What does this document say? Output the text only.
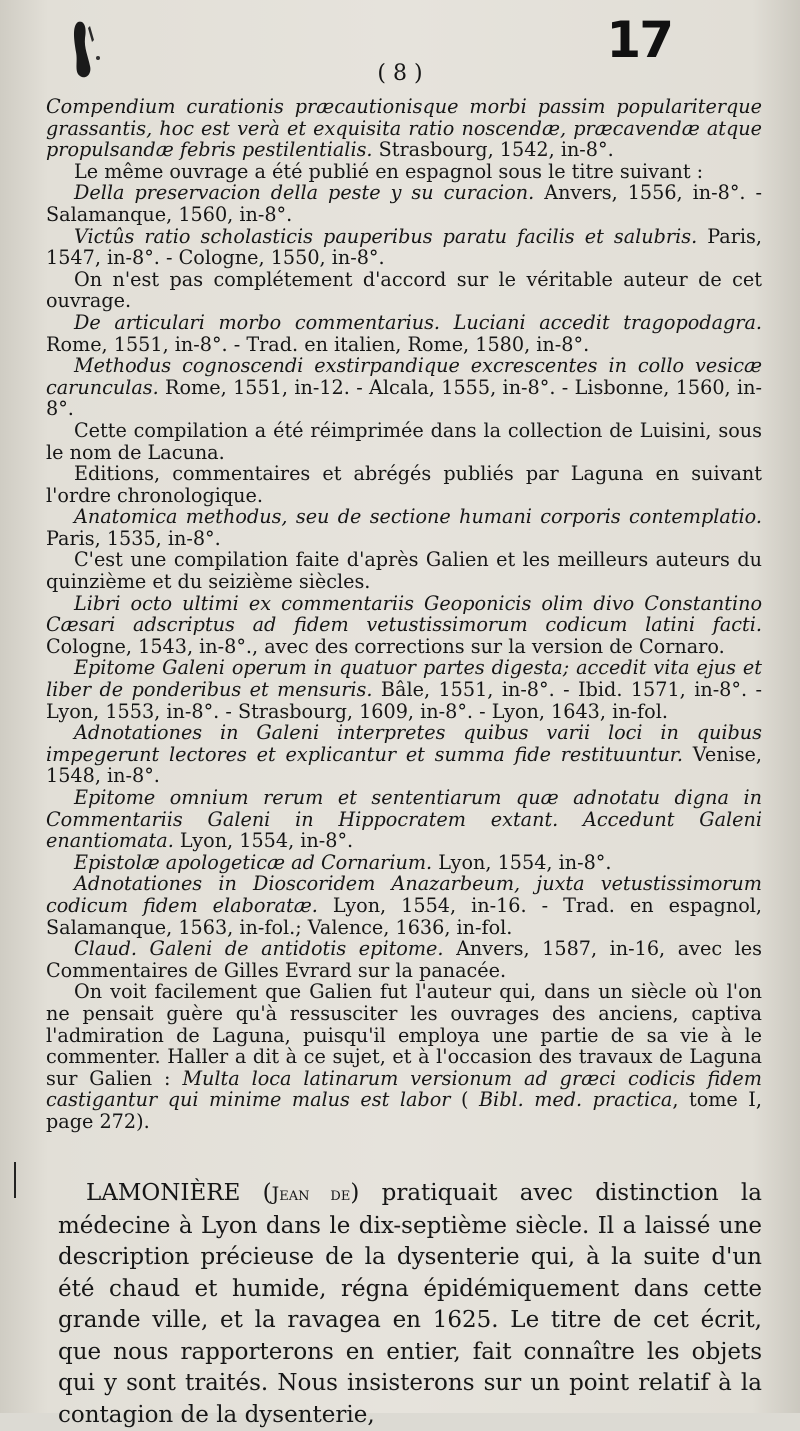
17
( 8 )

Compendium curationis præcautionisque morbi passim populariterque grassantis, hoc est verà et exquisita ratio noscendæ, præcavendæ atque propulsandæ febris pestilentialis. Strasbourg, 1542, in-8°.

Le même ouvrage a été publié en espagnol sous le titre suivant :

Della preservacion della peste y su curacion. Anvers, 1556, in-8°. - Salamanque, 1560, in-8°.

Victûs ratio scholasticis pauperibus paratu facilis et salubris. Paris, 1547, in-8°. - Cologne, 1550, in-8°.

On n'est pas complétement d'accord sur le véritable auteur de cet ouvrage.

De articulari morbo commentarius. Luciani accedit tragopodagra. Rome, 1551, in-8°. - Trad. en italien, Rome, 1580, in-8°.

Methodus cognoscendi exstirpandique excrescentes in collo vesicæ carunculas. Rome, 1551, in-12. - Alcala, 1555, in-8°. - Lisbonne, 1560, in-8°.

Cette compilation a été réimprimée dans la collection de Luisini, sous le nom de Lacuna.

Editions, commentaires et abrégés publiés par Laguna en suivant l'ordre chronologique.

Anatomica methodus, seu de sectione humani corporis contemplatio. Paris, 1535, in-8°.

C'est une compilation faite d'après Galien et les meilleurs auteurs du quinzième et du seizième siècles.

Libri octo ultimi ex commentariis Geoponicis olim divo Constantino Cæsari adscriptus ad fidem vetustissimorum codicum latini facti. Cologne, 1543, in-8°., avec des corrections sur la version de Cornaro.

Epitome Galeni operum in quatuor partes digesta; accedit vita ejus et liber de ponderibus et mensuris. Bâle, 1551, in-8°. - Ibid. 1571, in-8°. - Lyon, 1553, in-8°. - Strasbourg, 1609, in-8°. - Lyon, 1643, in-fol.

Adnotationes in Galeni interpretes quibus varii loci in quibus impegerunt lectores et explicantur et summa fide restituuntur. Venise, 1548, in-8°.

Epitome omnium rerum et sententiarum quæ adnotatu digna in Commentariis Galeni in Hippocratem extant. Accedunt Galeni enantiomata. Lyon, 1554, in-8°.

Epistolæ apologeticæ ad Cornarium. Lyon, 1554, in-8°.

Adnotationes in Dioscoridem Anazarbeum, juxta vetustissimorum codicum fidem elaboratæ. Lyon, 1554, in-16. - Trad. en espagnol, Salamanque, 1563, in-fol.; Valence, 1636, in-fol.

Claud. Galeni de antidotis epitome. Anvers, 1587, in-16, avec les Commentaires de Gilles Evrard sur la panacée.

On voit facilement que Galien fut l'auteur qui, dans un siècle où l'on ne pensait guère qu'à ressusciter les ouvrages des anciens, captiva l'admiration de Laguna, puisqu'il employa une partie de sa vie à le commenter. Haller a dit à ce sujet, et à l'occasion des travaux de Laguna sur Galien : Multa loca latinarum versionum ad græci codicis fidem castigantur qui minime malus est labor ( Bibl. med. practica, tome I, page 272).

LAMONIÈRE (Jean de) pratiquait avec distinction la médecine à Lyon dans le dix-septième siècle. Il a laissé une description précieuse de la dysenterie qui, à la suite d'un été chaud et humide, régna épidémiquement dans cette grande ville, et la ravagea en 1625. Le titre de cet écrit, que nous rapporterons en entier, fait connaître les objets qui y sont traités. Nous insisterons sur un point relatif à la contagion de la dysenterie,
